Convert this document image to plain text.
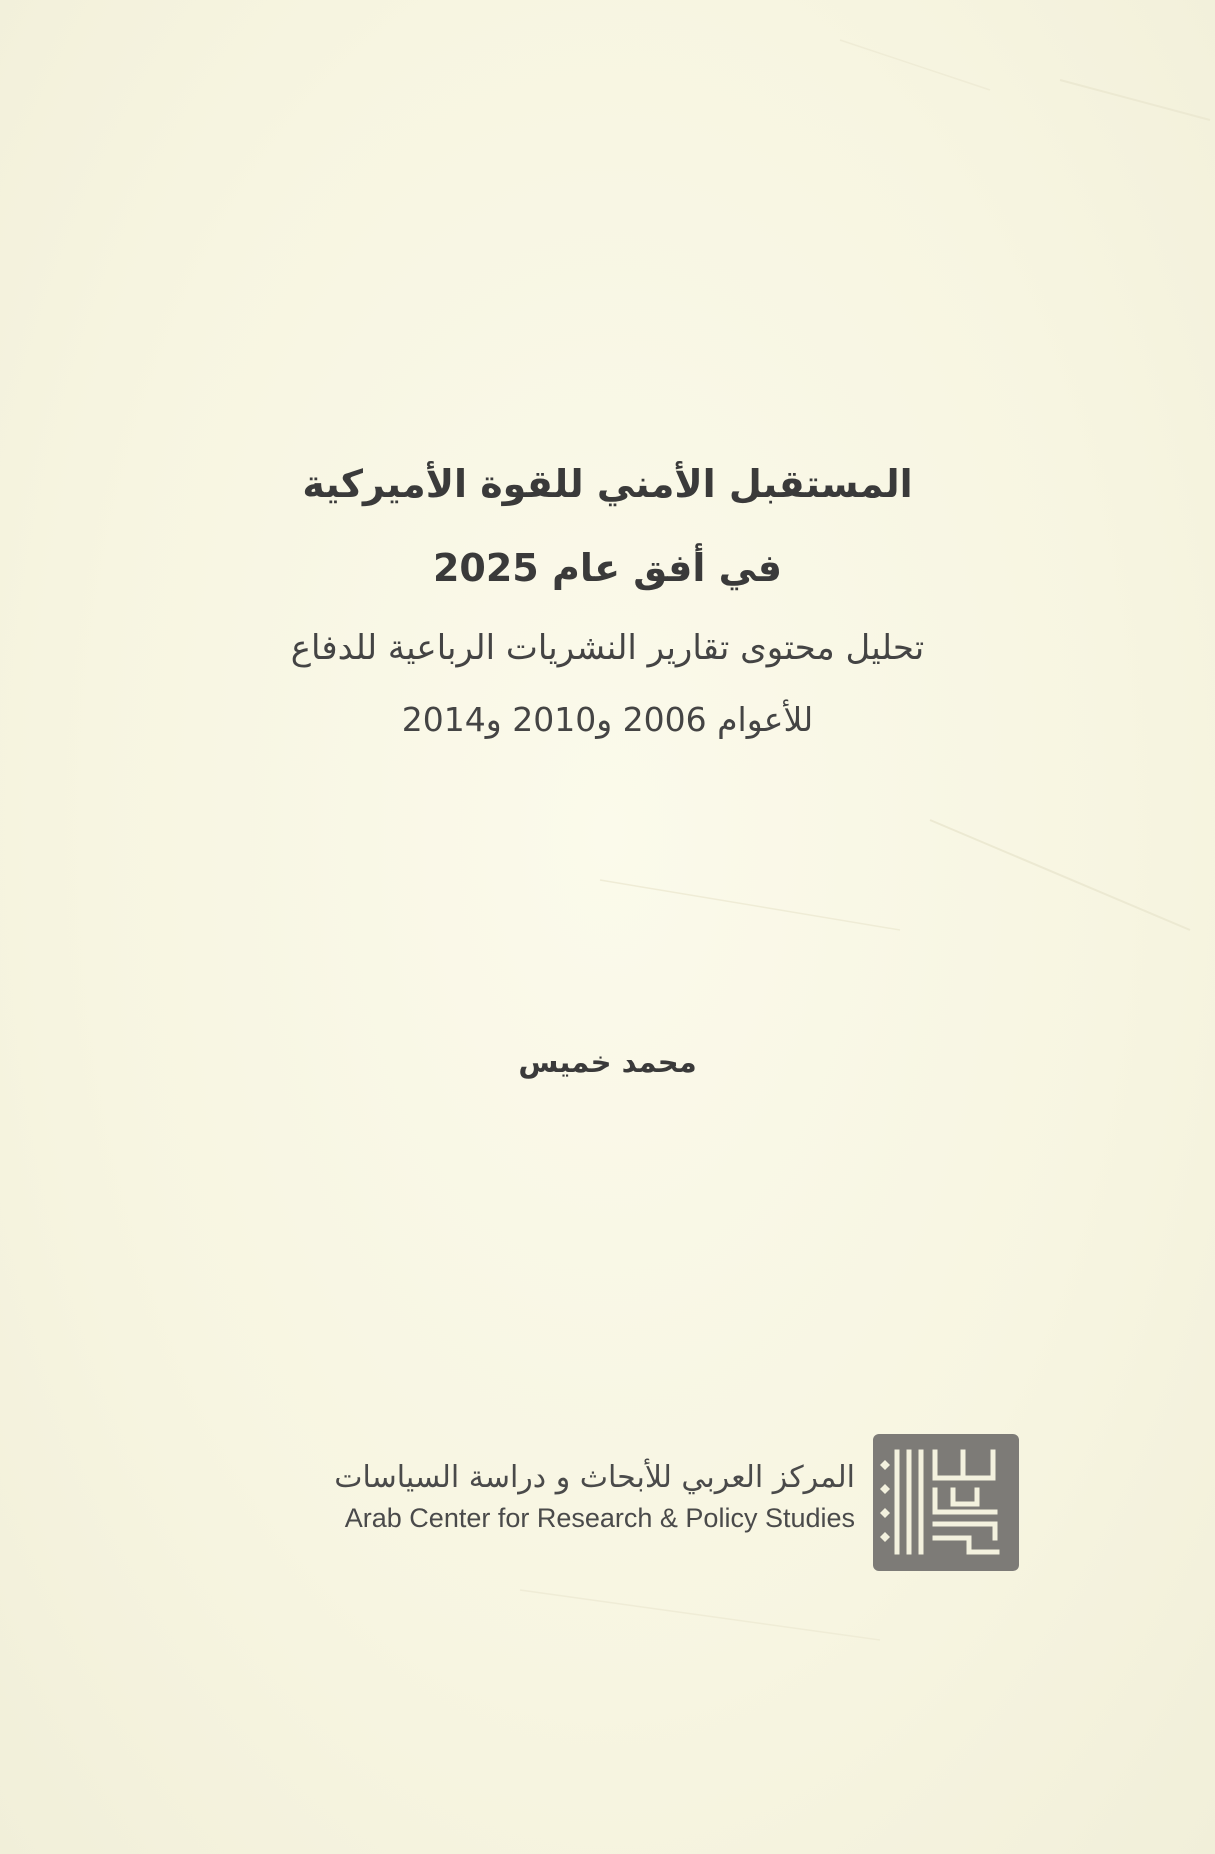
المستقبل الأمني للقوة الأميركية
في أفق عام 2025
تحليل محتوى تقارير النشريات الرباعية للدفاع
للأعوام 2006 و2010 و2014
محمد خميس
المركز العربي للأبحاث و دراسة السياسات
Arab Center for Research & Policy Studies
